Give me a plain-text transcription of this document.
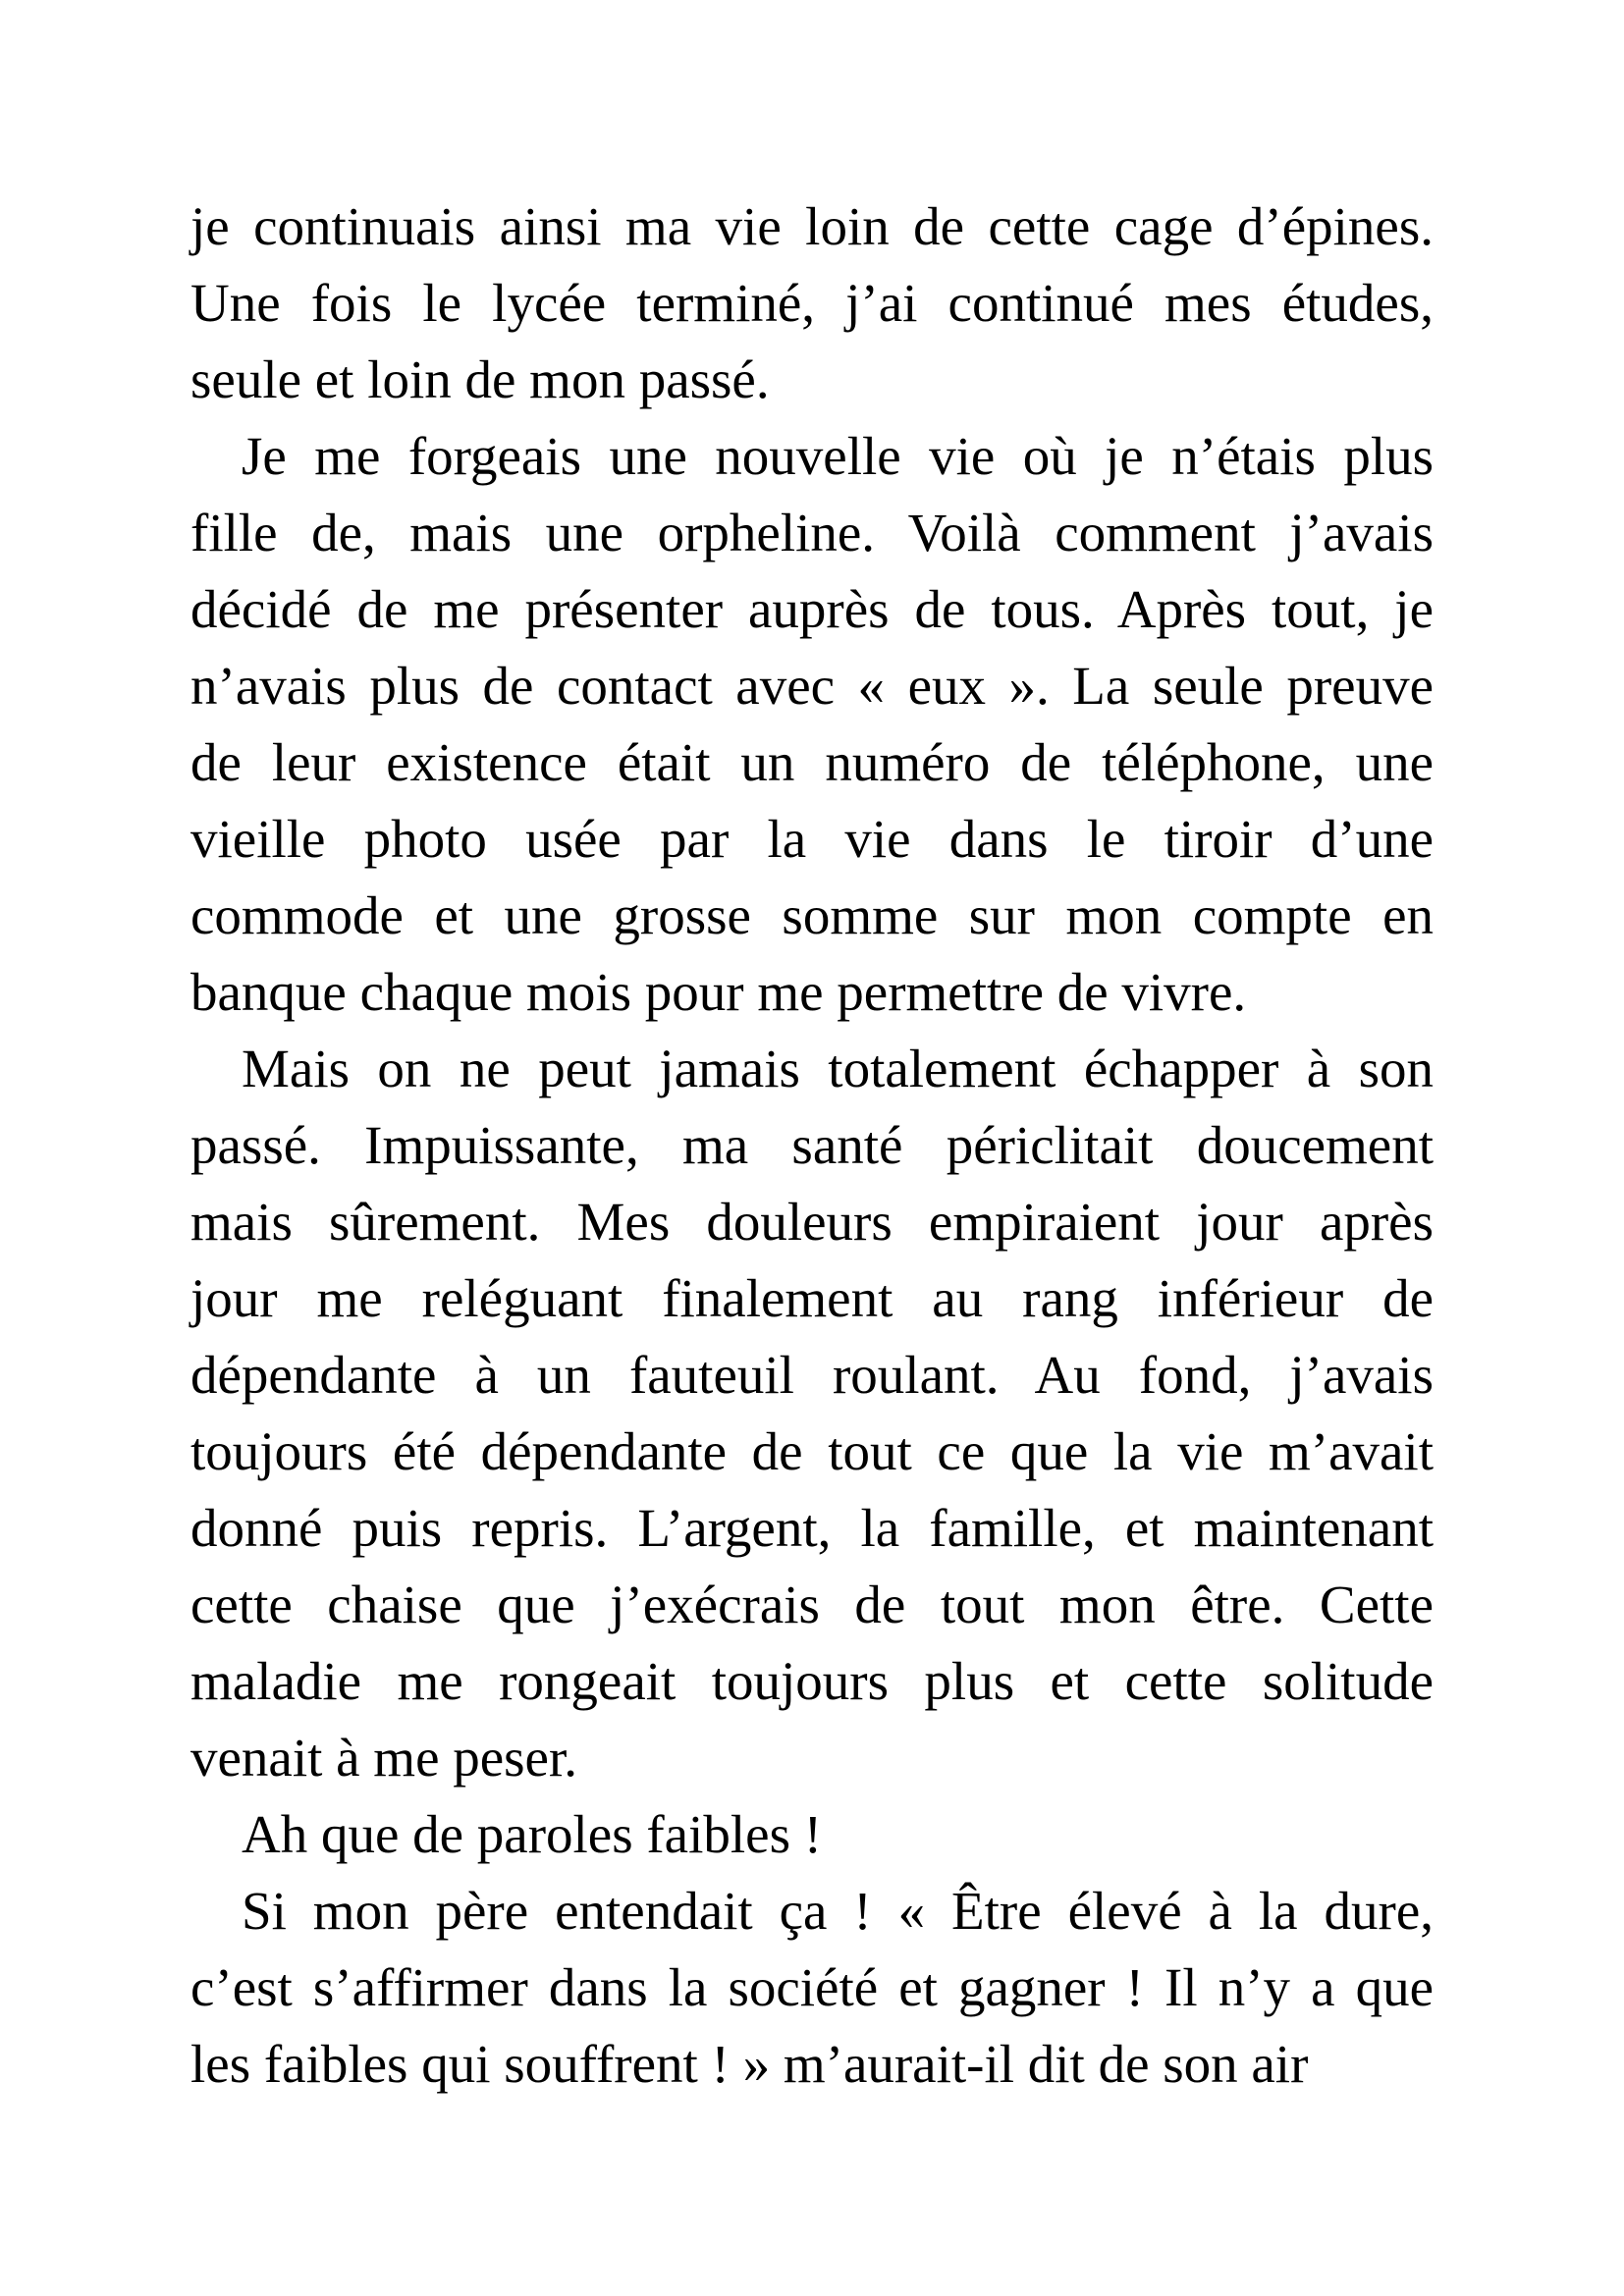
je continuais ainsi ma vie loin de cette cage d’épines.
Une fois le lycée terminé, j’ai continué mes études,
seule et loin de mon passé.
Je me forgeais une nouvelle vie où je n’étais plus
fille de, mais une orpheline. Voilà comment j’avais
décidé de me présenter auprès de tous. Après tout, je
n’avais plus de contact avec « eux ». La seule preuve
de leur existence était un numéro de téléphone, une
vieille photo usée par la vie dans le tiroir d’une
commode et une grosse somme sur mon compte en
banque chaque mois pour me permettre de vivre.
Mais on ne peut jamais totalement échapper à son
passé. Impuissante, ma santé périclitait doucement
mais sûrement. Mes douleurs empiraient jour après
jour me reléguant finalement au rang inférieur de
dépendante à un fauteuil roulant. Au fond, j’avais
toujours été dépendante de tout ce que la vie m’avait
donné puis repris. L’argent, la famille, et maintenant
cette chaise que j’exécrais de tout mon être. Cette
maladie me rongeait toujours plus et cette solitude
venait à me peser.
Ah que de paroles faibles !
Si mon père entendait ça ! « Être élevé à la dure,
c’est s’affirmer dans la société et gagner ! Il n’y a que
les faibles qui souffrent ! » m’aurait-il dit de son air
